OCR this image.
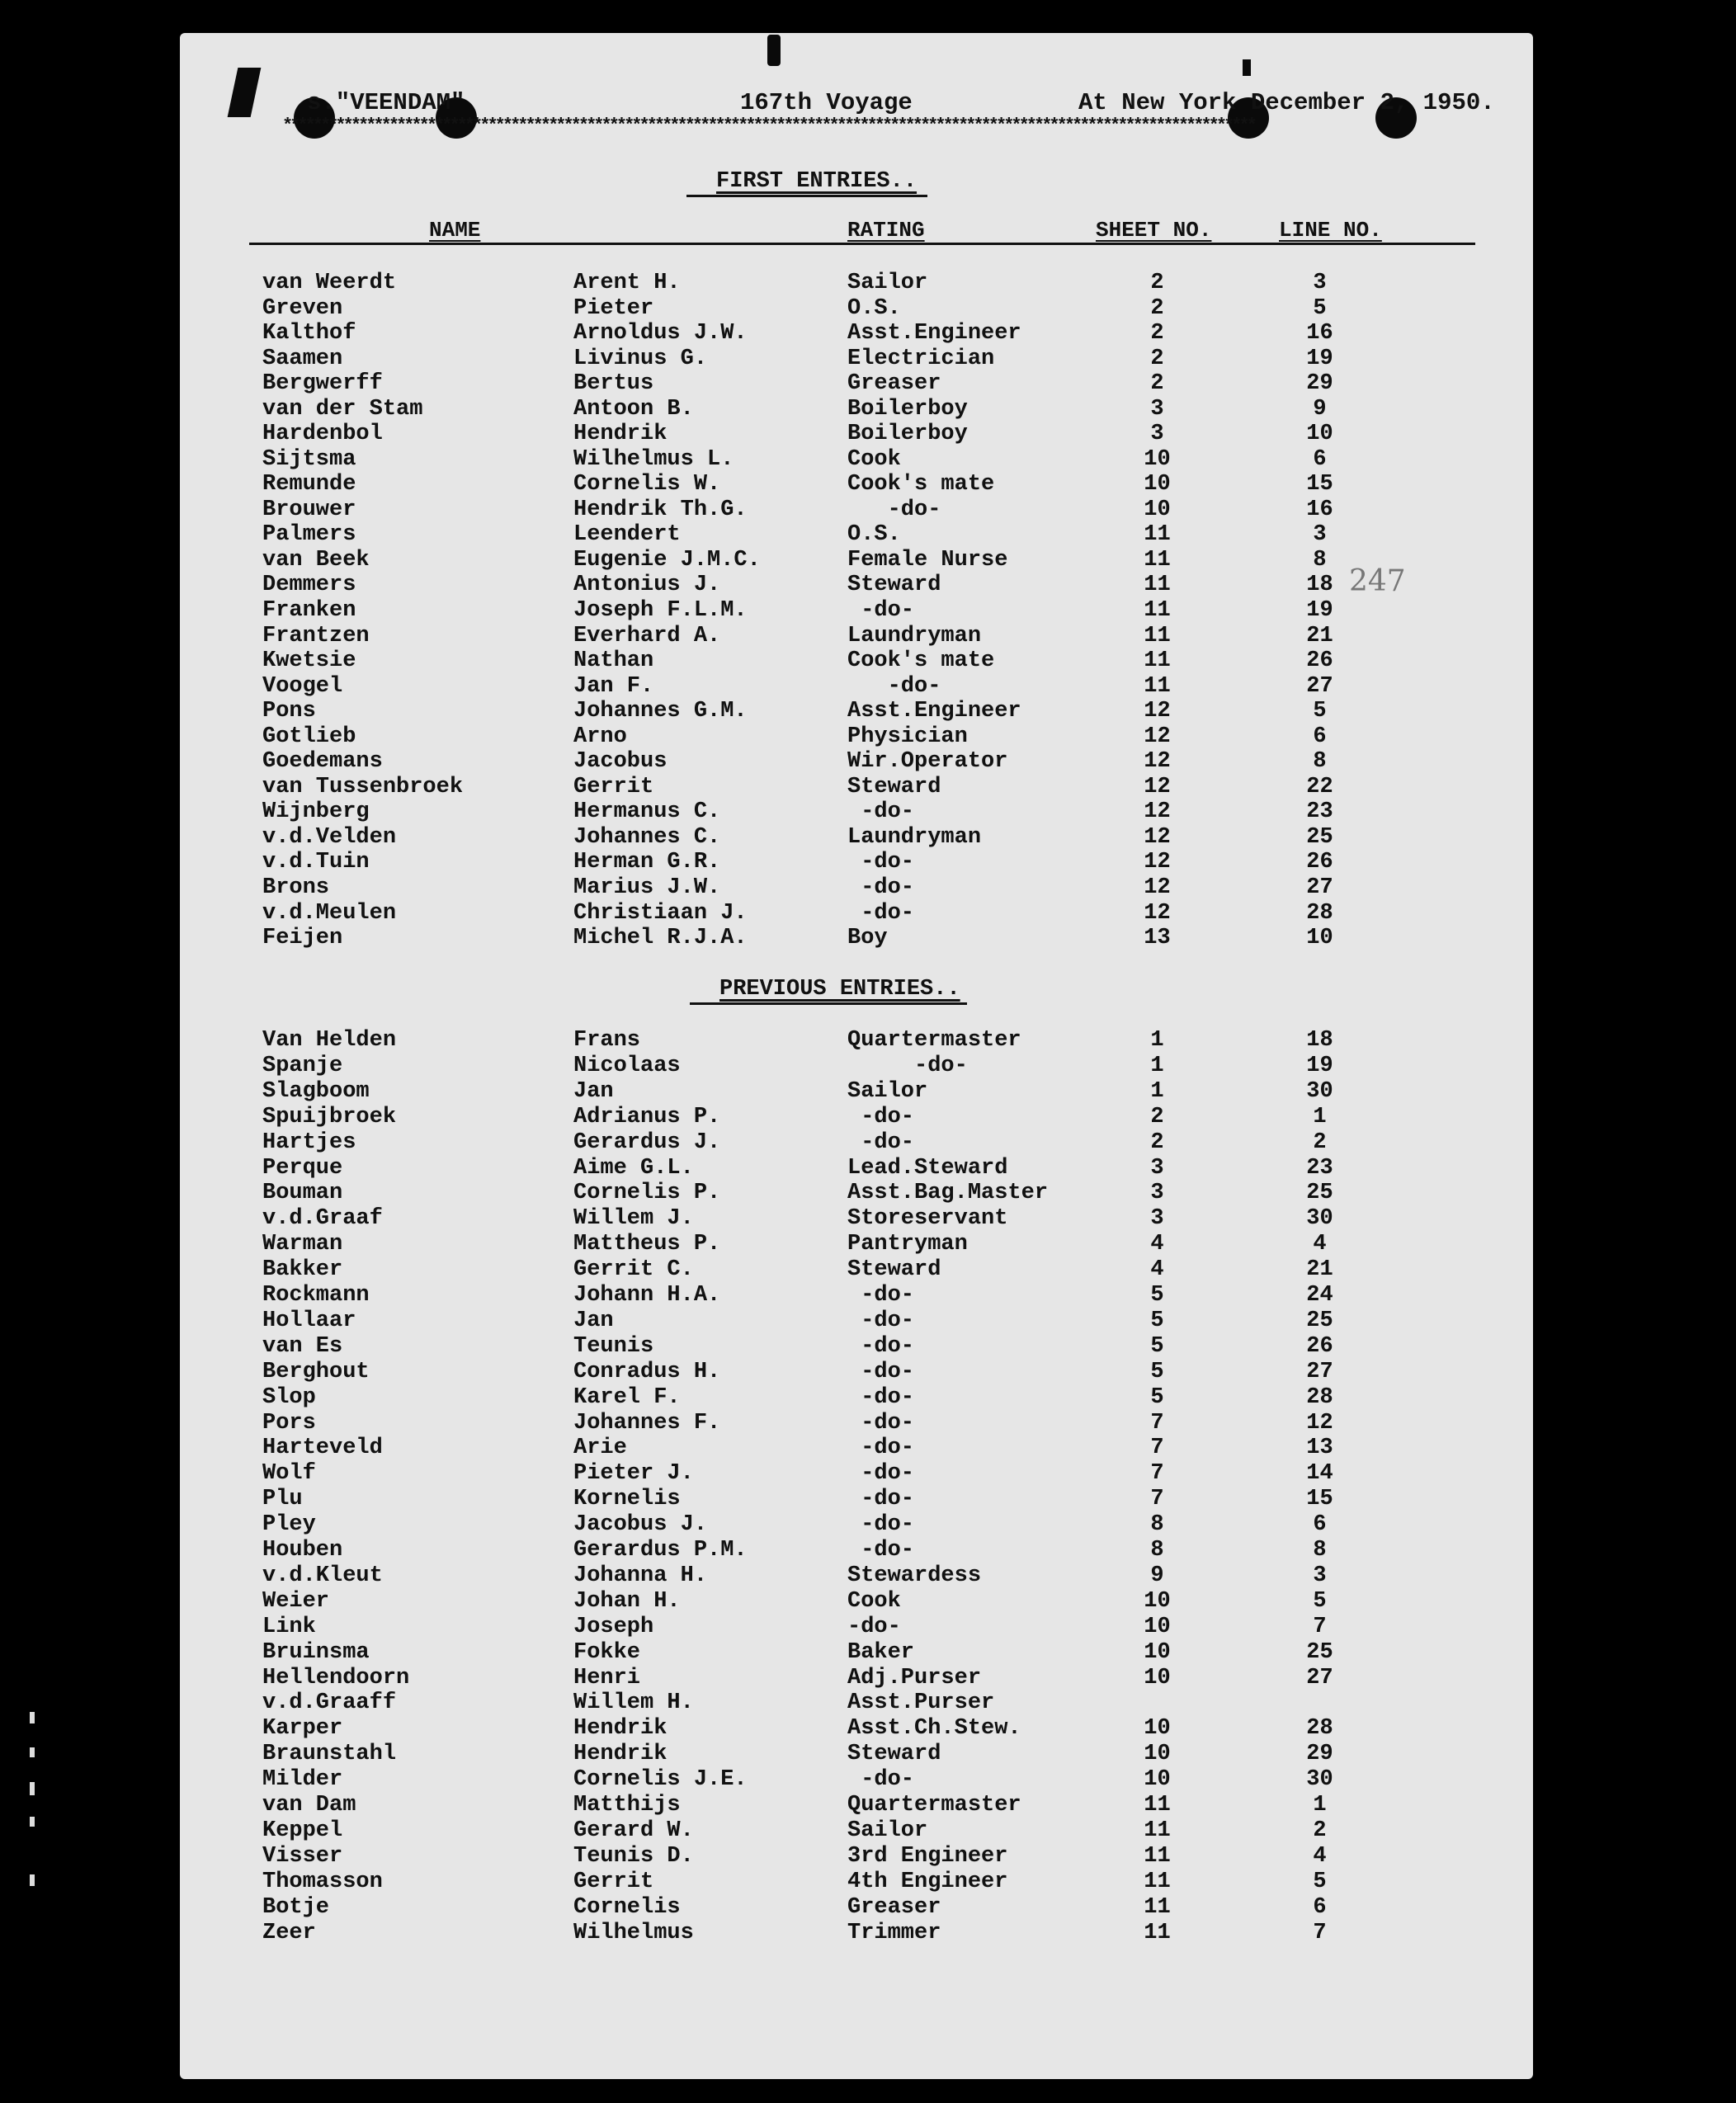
s."VEENDAM"	167th Voyage	At New York December 2, 1950.
********************************************************************************************************************************
FIRST ENTRIES..
NAME	RATING	SHEET NO.	LINE NO.
van Weerdt	Arent H.	Sailor	2	3
Greven	Pieter	O.S.	2	5
Kalthof	Arnoldus J.W.	Asst.Engineer	2	16
Saamen	Livinus G.	Electrician	2	19
Bergwerff	Bertus	Greaser	2	29
van der Stam	Antoon B.	Boilerboy	3	9
Hardenbol	Hendrik	Boilerboy	3	10
Sijtsma	Wilhelmus L.	Cook	10	6
Remunde	Cornelis W.	Cook's mate	10	15
Brouwer	Hendrik Th.G.	-do-	10	16
Palmers	Leendert	O.S.	11	3
van Beek	Eugenie J.M.C.	Female Nurse	11	8
Demmers	Antonius J.	Steward	11	18
Franken	Joseph F.L.M.	-do-	11	19
Frantzen	Everhard A.	Laundryman	11	21
Kwetsie	Nathan	Cook's mate	11	26
Voogel	Jan F.	-do-	11	27
Pons	Johannes G.M.	Asst.Engineer	12	5
Gotlieb	Arno	Physician	12	6
Goedemans	Jacobus	Wir.Operator	12	8
van Tussenbroek	Gerrit	Steward	12	22
Wijnberg	Hermanus C.	-do-	12	23
v.d.Velden	Johannes C.	Laundryman	12	25
v.d.Tuin	Herman G.R.	-do-	12	26
Brons	Marius J.W.	-do-	12	27
v.d.Meulen	Christiaan J.	-do-	12	28
Feijen	Michel R.J.A.	Boy	13	10
PREVIOUS ENTRIES..
Van Helden	Frans	Quartermaster	1	18
Spanje	Nicolaas	-do-	1	19
Slagboom	Jan	Sailor	1	30
Spuijbroek	Adrianus P.	-do-	2	1
Hartjes	Gerardus J.	-do-	2	2
Perque	Aime G.L.	Lead.Steward	3	23
Bouman	Cornelis P.	Asst.Bag.Master	3	25
v.d.Graaf	Willem J.	Storeservant	3	30
Warman	Mattheus P.	Pantryman	4	4
Bakker	Gerrit C.	Steward	4	21
Rockmann	Johann H.A.	-do-	5	24
Hollaar	Jan	-do-	5	25
van Es	Teunis	-do-	5	26
Berghout	Conradus H.	-do-	5	27
Slop	Karel F.	-do-	5	28
Pors	Johannes F.	-do-	7	12
Harteveld	Arie	-do-	7	13
Wolf	Pieter J.	-do-	7	14
Plu	Kornelis	-do-	7	15
Pley	Jacobus J.	-do-	8	6
Houben	Gerardus P.M.	-do-	8	8
v.d.Kleut	Johanna H.	Stewardess	9	3
Weier	Johan H.	Cook	10	5
Link	Joseph	-do-	10	7
Bruinsma	Fokke	Baker	10	25
Hellendoorn	Henri	Adj.Purser	10	27
v.d.Graaff	Willem H.	Asst.Purser
Karper	Hendrik	Asst.Ch.Stew.	10	28
Braunstahl	Hendrik	Steward	10	29
Milder	Cornelis J.E.	-do-	10	30
van Dam	Matthijs	Quartermaster	11	1
Keppel	Gerard W.	Sailor	11	2
Visser	Teunis D.	3rd Engineer	11	4
Thomasson	Gerrit	4th Engineer	11	5
Botje	Cornelis	Greaser	11	6
Zeer	Wilhelmus	Trimmer	11	7
247
